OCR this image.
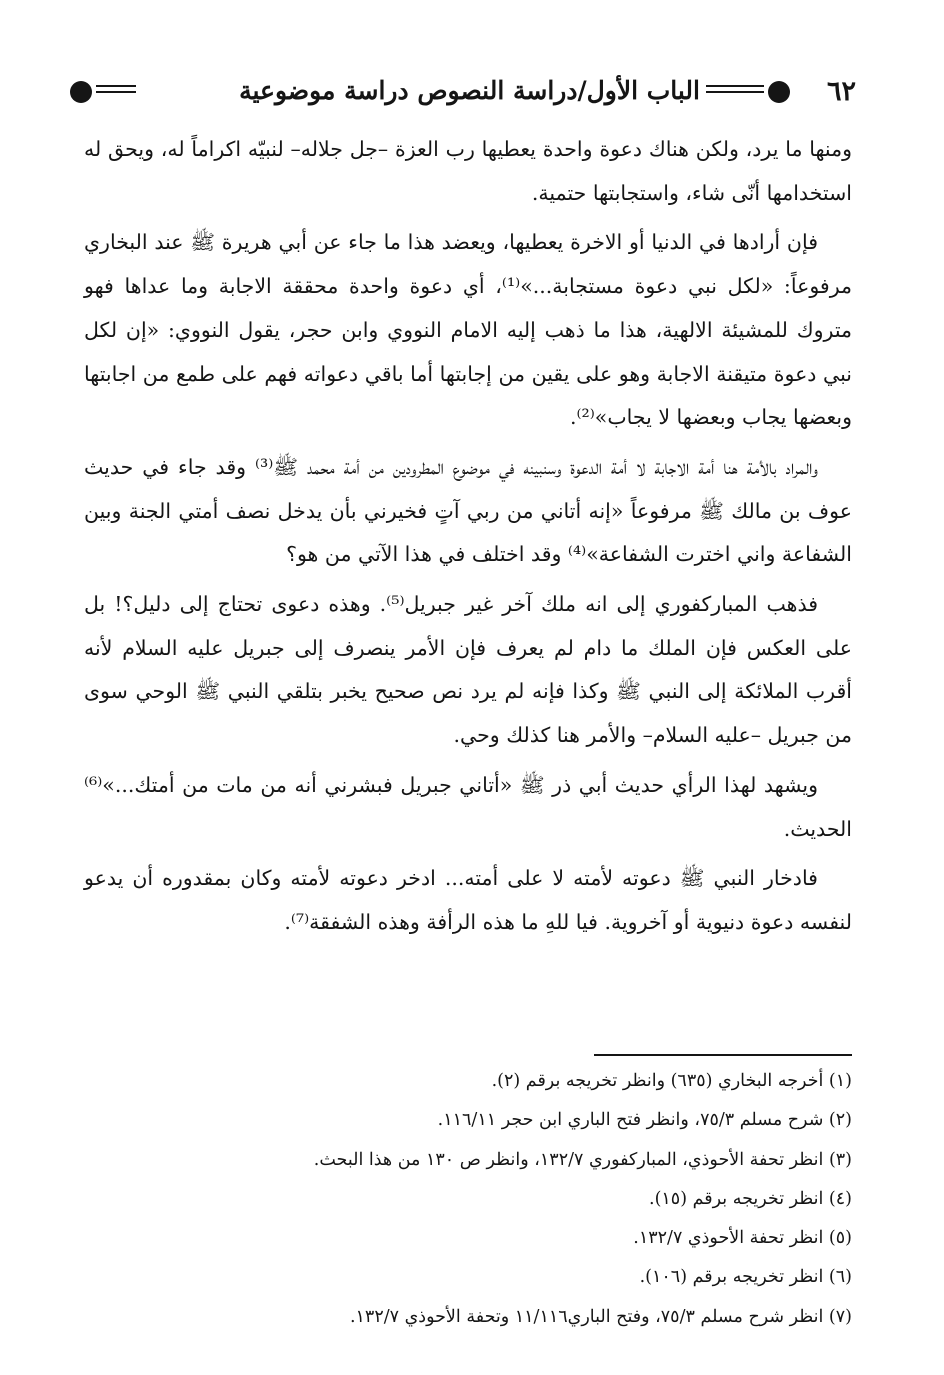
٦٢
الباب الأول/دراسة النصوص دراسة موضوعية

ومنها ما يرد، ولكن هناك دعوة واحدة يعطيها رب العزة –جل جلاله– لنبيّه اكراماً له، ويحق له استخدامها أنّى شاء، واستجابتها حتمية.

فإن أرادها في الدنيا أو الاخرة يعطيها، ويعضد هذا ما جاء عن أبي هريرة ﷺ عند البخاري مرفوعاً: «لكل نبي دعوة مستجابة...»⁽¹⁾، أي دعوة واحدة محققة الاجابة وما عداها فهو متروك للمشيئة الالهية، هذا ما ذهب إليه الامام النووي وابن حجر، يقول النووي: «إن لكل نبي دعوة متيقنة الاجابة وهو على يقين من إجابتها أما باقي دعواته فهم على طمع من اجابتها وبعضها يجاب وبعضها لا يجاب»⁽²⁾.

والمراد بالأمة هنا أمة الاجابة لا أمة الدعوة وسنبينه في موضوع المطرودين من أمة محمد ﷺ⁽³⁾ وقد جاء في حديث عوف بن مالك ﷺ مرفوعاً «إنه أتاني من ربي آتٍ فخيرني بأن يدخل نصف أمتي الجنة وبين الشفاعة واني اخترت الشفاعة»⁽⁴⁾ وقد اختلف في هذا الآتي من هو؟

فذهب المباركفوري إلى انه ملك آخر غير جبريل⁽⁵⁾. وهذه دعوى تحتاج إلى دليل؟! بل على العكس فإن الملك ما دام لم يعرف فإن الأمر ينصرف إلى جبريل عليه السلام لأنه أقرب الملائكة إلى النبي ﷺ وكذا فإنه لم يرد نص صحيح يخبر بتلقي النبي ﷺ الوحي سوى من جبريل –عليه السلام– والأمر هنا كذلك وحي.

ويشهد لهذا الرأي حديث أبي ذر ﷺ «أتاني جبريل فبشرني أنه من مات من أمتك...»⁽⁶⁾ الحديث.

فادخار النبي ﷺ دعوته لأمته لا على أمته... ادخر دعوته لأمته وكان بمقدوره أن يدعو لنفسه دعوة دنيوية أو آخروية. فيا للهِ ما هذه الرأفة وهذه الشفقة⁽⁷⁾.

(١) أخرجه البخاري (٦٣٥) وانظر تخريجه برقم (٢).

(٢) شرح مسلم ٧٥/٣، وانظر فتح الباري ابن حجر ١١٦/١١.

(٣) انظر تحفة الأحوذي، المباركفوري ١٣٢/٧، وانظر ص ١٣٠ من هذا البحث.

(٤) انظر تخريجه برقم (١٥).

(٥) انظر تحفة الأحوذي ١٣٢/٧.

(٦) انظر تخريجه برقم (١٠٦).

(٧) انظر شرح مسلم ٧٥/٣، وفتح الباري١١/١١٦ وتحفة الأحوذي ١٣٢/٧.
